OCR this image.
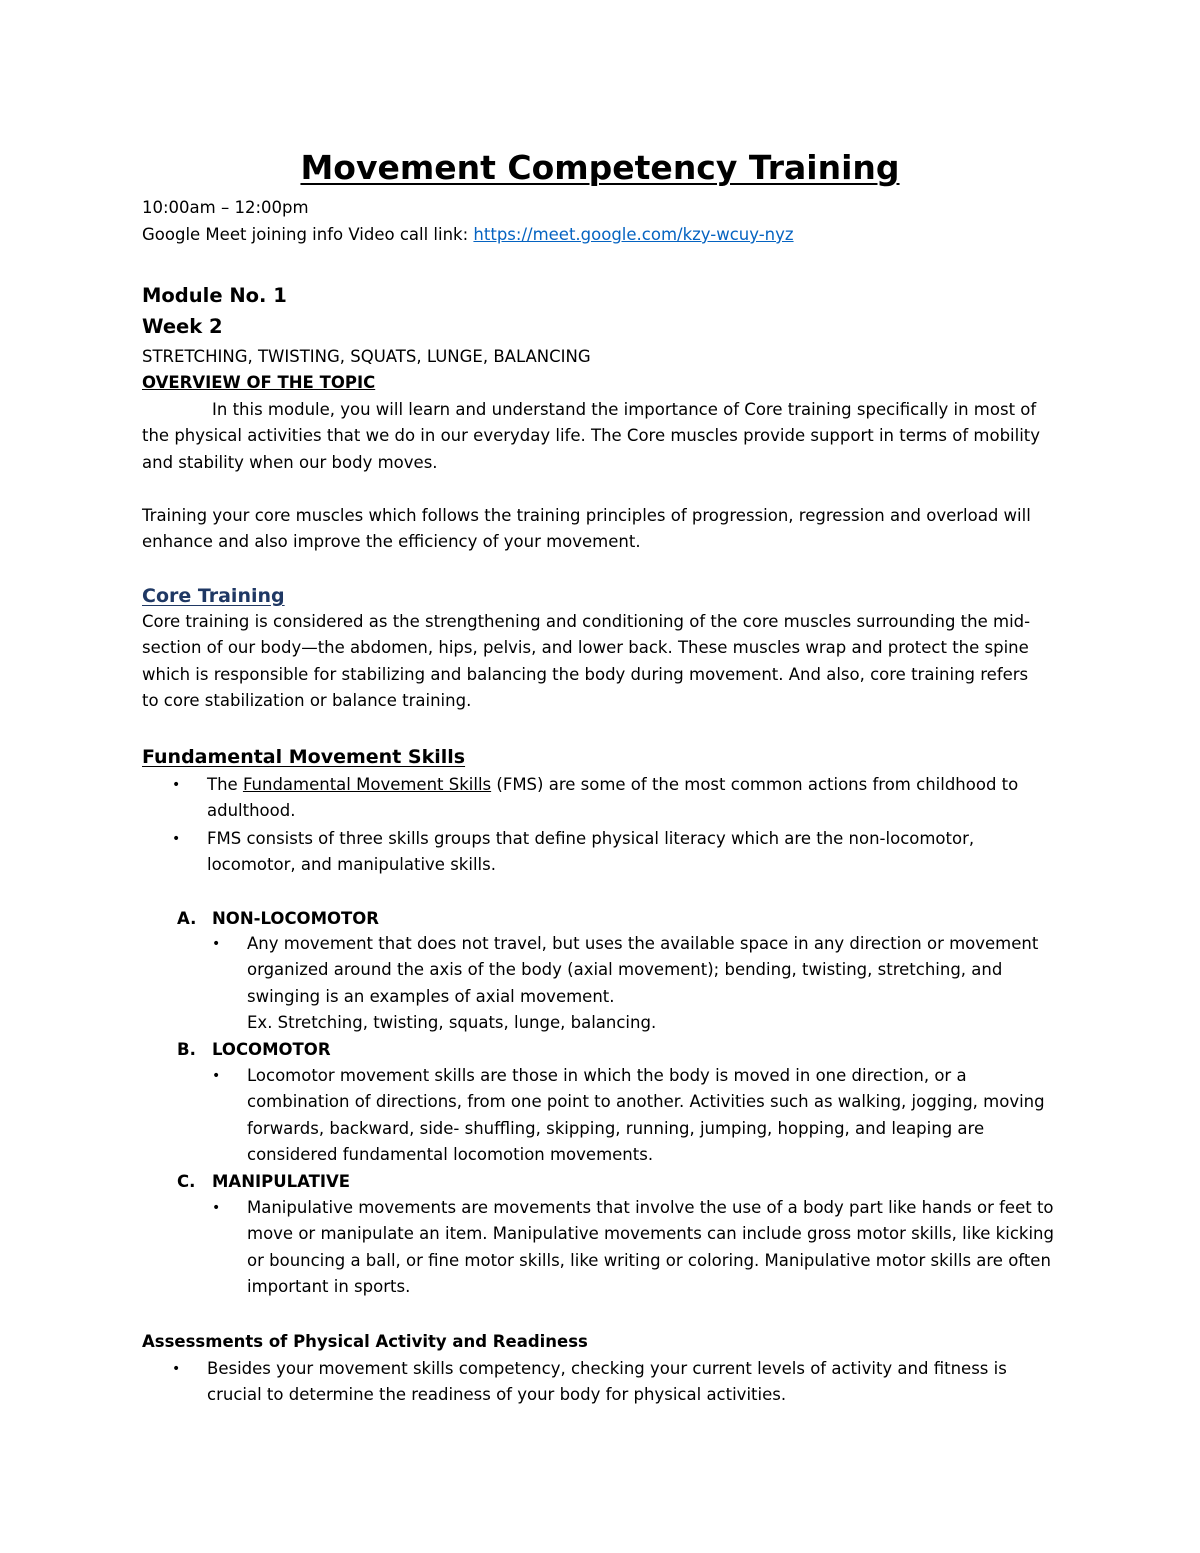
Movement Competency Training

10:00am – 12:00pm

Google Meet joining info Video call link: https://meet.google.com/kzy-wcuy-nyz

Module No. 1

Week 2

STRETCHING, TWISTING, SQUATS, LUNGE, BALANCING

OVERVIEW OF THE TOPIC

In this module, you will learn and understand the importance of Core training specifically in most of the physical activities that we do in our everyday life. The Core muscles provide support in terms of mobility and stability when our body moves.

Training your core muscles which follows the training principles of progression, regression and overload will enhance and also improve the efficiency of your movement.

Core Training

Core training is considered as the strengthening and conditioning of the core muscles surrounding the mid-section of our body—the abdomen, hips, pelvis, and lower back. These muscles wrap and protect the spine which is responsible for stabilizing and balancing the body during movement. And also, core training refers to core stabilization or balance training.

Fundamental Movement Skills

• The Fundamental Movement Skills (FMS) are some of the most common actions from childhood to adulthood.
• FMS consists of three skills groups that define physical literacy which are the non-locomotor, locomotor, and manipulative skills.
A. NON-LOCOMOTOR
• Any movement that does not travel, but uses the available space in any direction or movement organized around the axis of the body (axial movement); bending, twisting, stretching, and swinging is an examples of axial movement.
Ex. Stretching, twisting, squats, lunge, balancing.
B. LOCOMOTOR
• Locomotor movement skills are those in which the body is moved in one direction, or a combination of directions, from one point to another. Activities such as walking, jogging, moving forwards, backward, side- shuffling, skipping, running, jumping, hopping, and leaping are considered fundamental locomotion movements.
C. MANIPULATIVE
• Manipulative movements are movements that involve the use of a body part like hands or feet to move or manipulate an item. Manipulative movements can include gross motor skills, like kicking or bouncing a ball, or fine motor skills, like writing or coloring. Manipulative motor skills are often important in sports.

Assessments of Physical Activity and Readiness

• Besides your movement skills competency, checking your current levels of activity and fitness is crucial to determine the readiness of your body for physical activities.
